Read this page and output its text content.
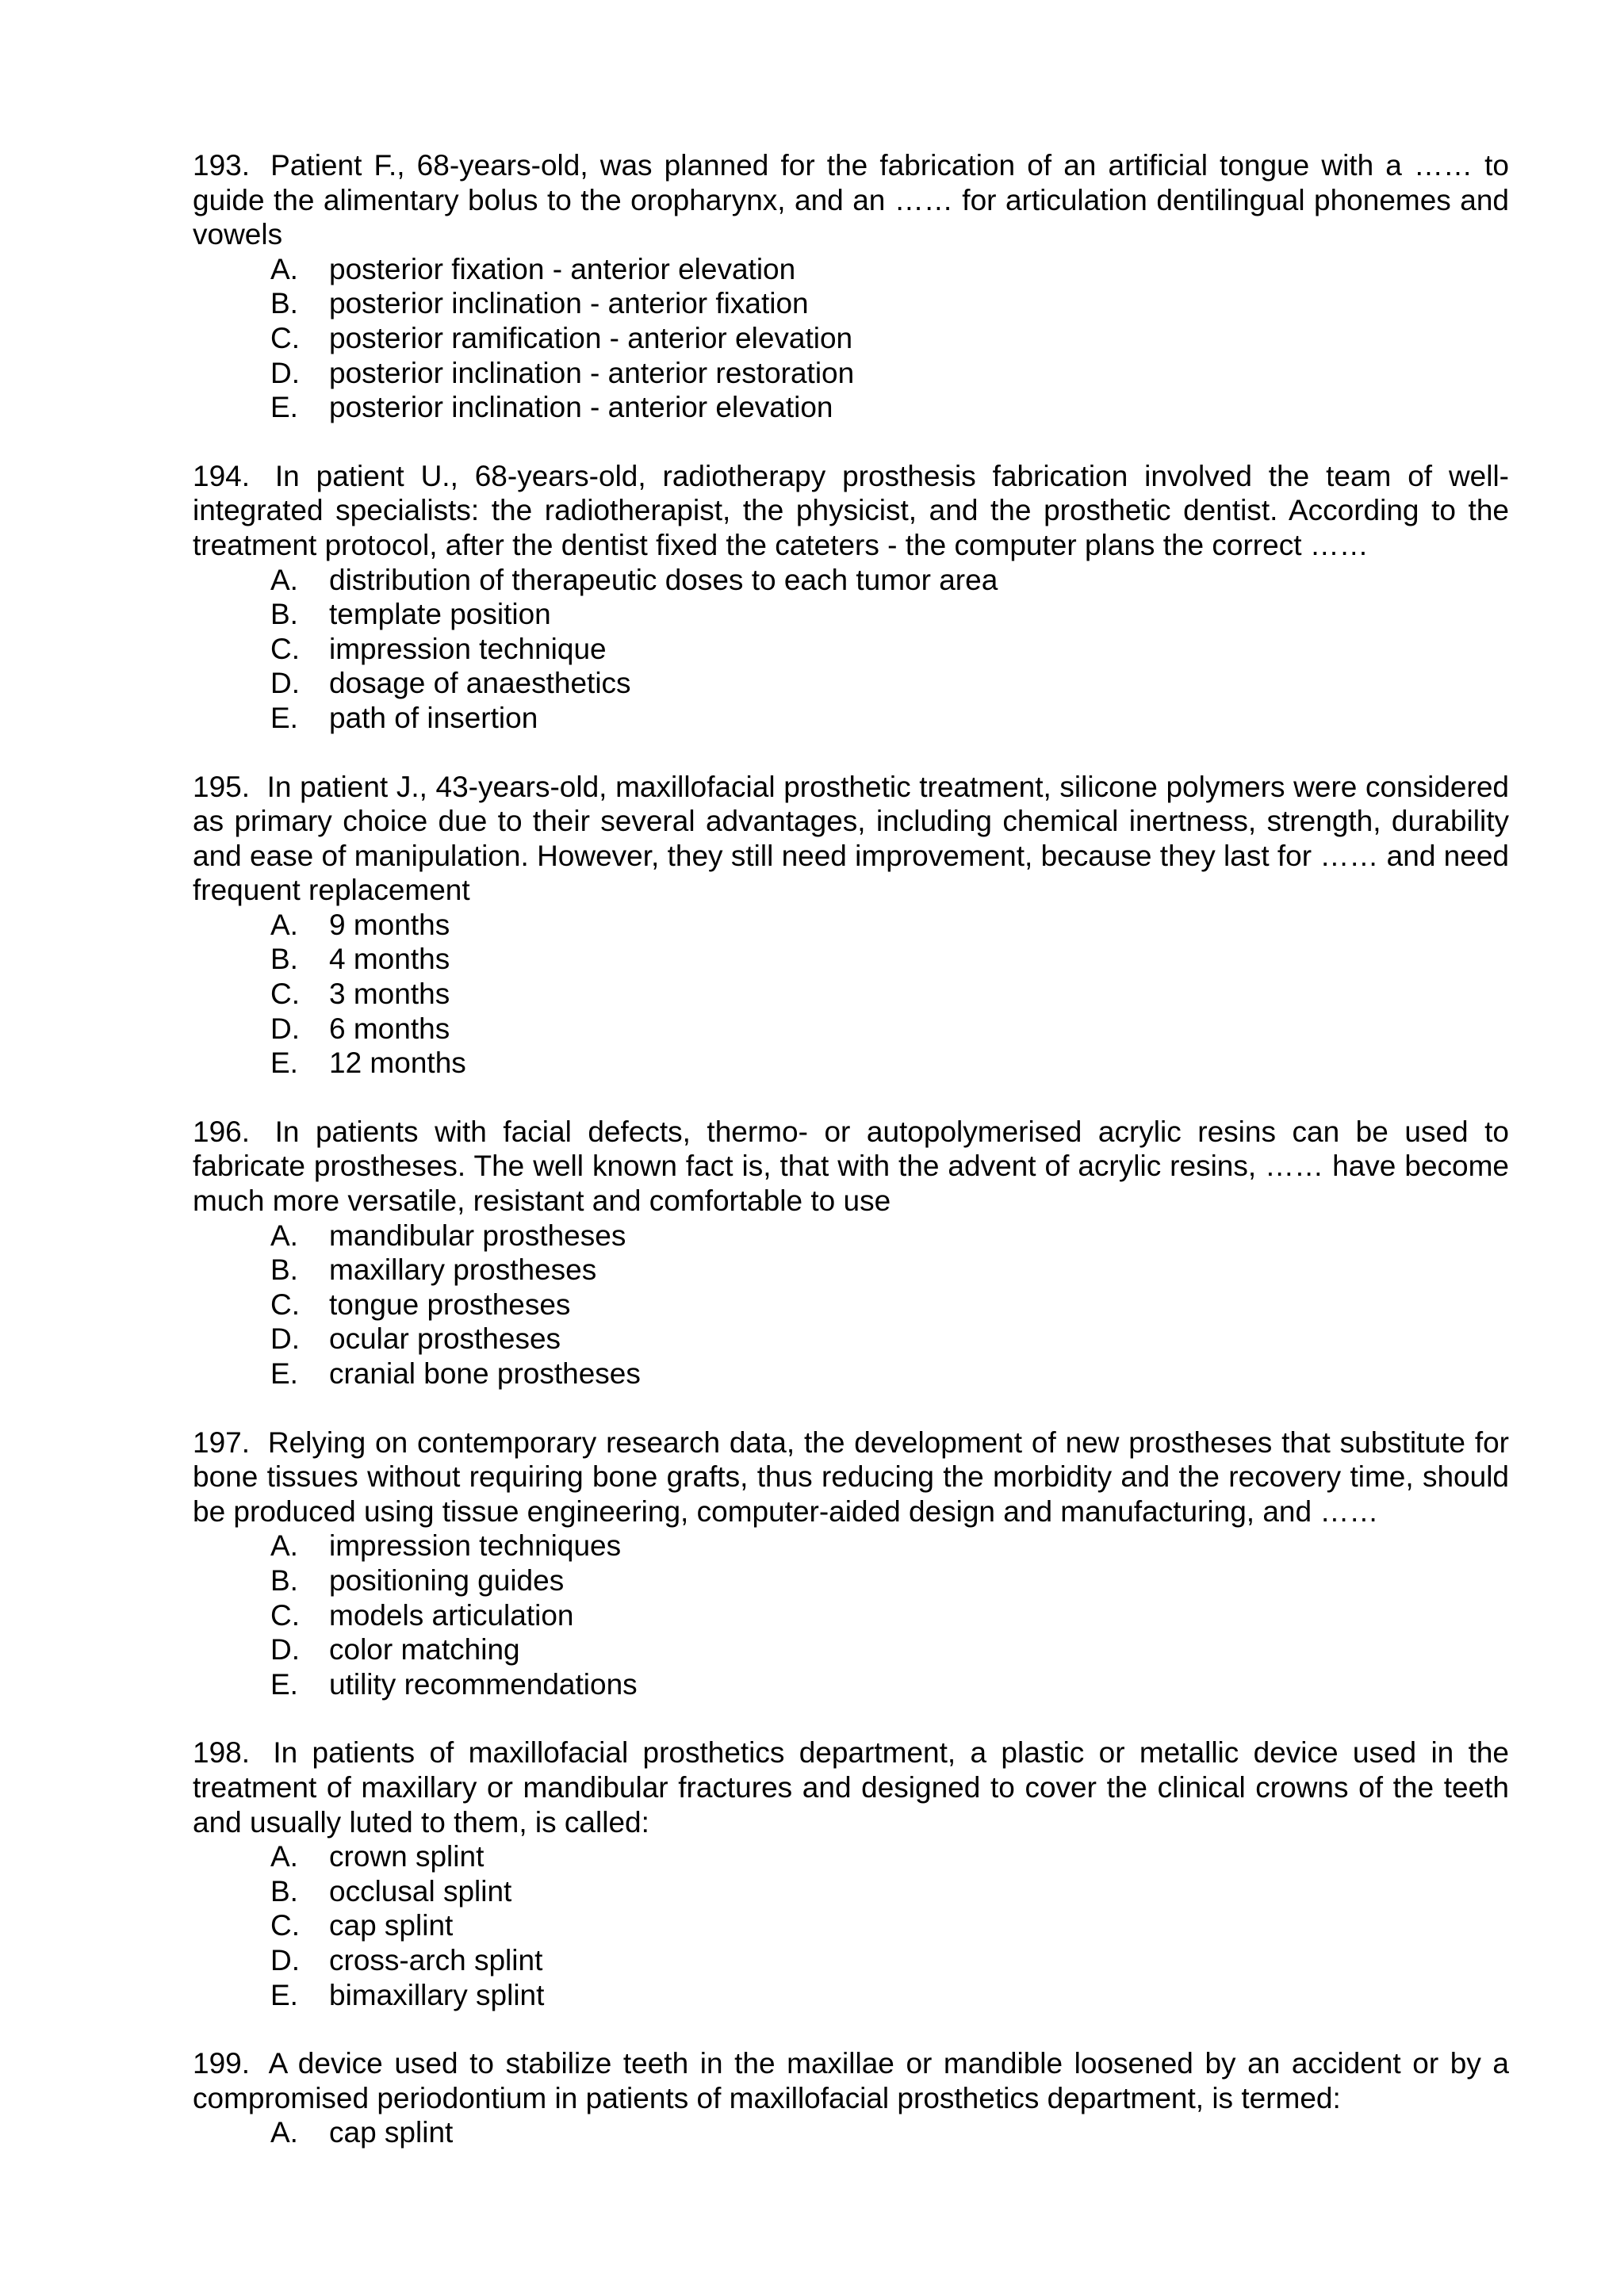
193. Patient F., 68-years-old, was planned for the fabrication of an artificial tongue with a …… to guide the alimentary bolus to the oropharynx, and an …… for articulation dentilingual phonemes and vowels

A. posterior fixation - anterior elevation
B. posterior inclination - anterior fixation
C. posterior ramification - anterior elevation
D. posterior inclination - anterior restoration
E. posterior inclination - anterior elevation

194. In patient U., 68-years-old, radiotherapy prosthesis fabrication involved the team of well-integrated specialists: the radiotherapist, the physicist, and the prosthetic dentist. According to the treatment protocol, after the dentist fixed the cateters - the computer plans the correct ……

A. distribution of therapeutic doses to each tumor area
B. template position
C. impression technique
D. dosage of anaesthetics
E. path of insertion

195. In patient J., 43-years-old, maxillofacial prosthetic treatment, silicone polymers were considered as primary choice due to their several advantages, including chemical inertness, strength, durability and ease of manipulation. However, they still need improvement, because they last for …… and need frequent replacement

A. 9 months
B. 4 months
C. 3 months
D. 6 months
E. 12 months

196. In patients with facial defects, thermo- or autopolymerised acrylic resins can be used to fabricate prostheses. The well known fact is, that with the advent of acrylic resins, …… have become much more versatile, resistant and comfortable to use

A. mandibular prostheses
B. maxillary prostheses
C. tongue prostheses
D. ocular prostheses
E. cranial bone prostheses

197. Relying on contemporary research data, the development of new prostheses that substitute for bone tissues without requiring bone grafts, thus reducing the morbidity and the recovery time, should be produced using tissue engineering, computer-aided design and manufacturing, and ……

A. impression techniques
B. positioning guides
C. models articulation
D. color matching
E. utility recommendations

198. In patients of maxillofacial prosthetics department, a plastic or metallic device used in the treatment of maxillary or mandibular fractures and designed to cover the clinical crowns of the teeth and usually luted to them, is called:

A. crown splint
B. occlusal splint
C. cap splint
D. cross-arch splint
E. bimaxillary splint

199. A device used to stabilize teeth in the maxillae or mandible loosened by an accident or by a compromised periodontium in patients of maxillofacial prosthetics department, is termed:

A. cap splint
